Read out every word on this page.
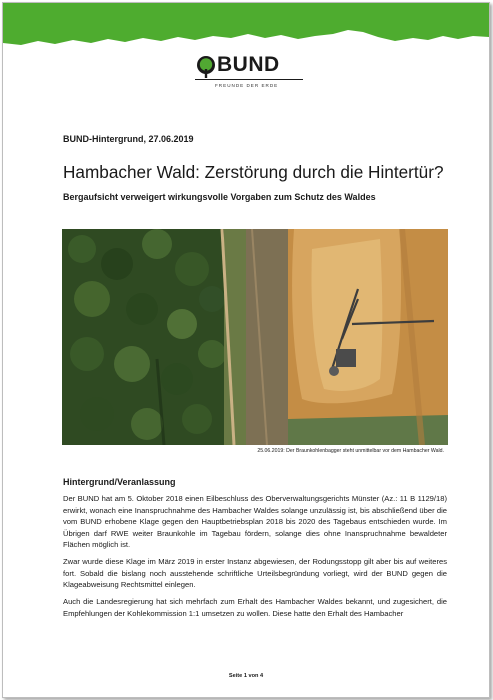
BUND
FREUNDE DER ERDE
BUND-Hintergrund, 27.06.2019
Hambacher Wald: Zerstörung durch die Hintertür?
Bergaufsicht verweigert wirkungsvolle Vorgaben zum Schutz des Waldes
25.06.2019: Der Braunkohlenbagger steht unmittelbar vor dem Hambacher Wald.
Hintergrund/Veranlassung

Der BUND hat am 5. Oktober 2018 einen Eilbeschluss des Oberverwaltungsgerichts Münster (Az.: 11 B 1129/18) erwirkt, wonach eine Inanspruchnahme des Hambacher Waldes solange unzulässig ist, bis abschließend über die vom BUND erhobene Klage gegen den Hauptbetriebsplan 2018 bis 2020 des Tagebaus entschieden wurde. Im Übrigen darf RWE weiter Braunkohle im Tagebau fördern, solange dies ohne Inanspruchnahme bewaldeter Flächen möglich ist.

Zwar wurde diese Klage im März 2019 in erster Instanz abgewiesen, der Rodungsstopp gilt aber bis auf weiteres fort. Sobald die bislang noch ausstehende schriftliche Urteilsbegründung vorliegt, wird der BUND gegen die Klageabweisung Rechtsmittel einlegen.

Auch die Landesregierung hat sich mehrfach zum Erhalt des Hambacher Waldes bekannt, und zugesichert, die Empfehlungen der Kohlekommission 1:1 umsetzen zu wollen. Diese hatte den Erhalt des Hambacher

Seite 1 von 4
